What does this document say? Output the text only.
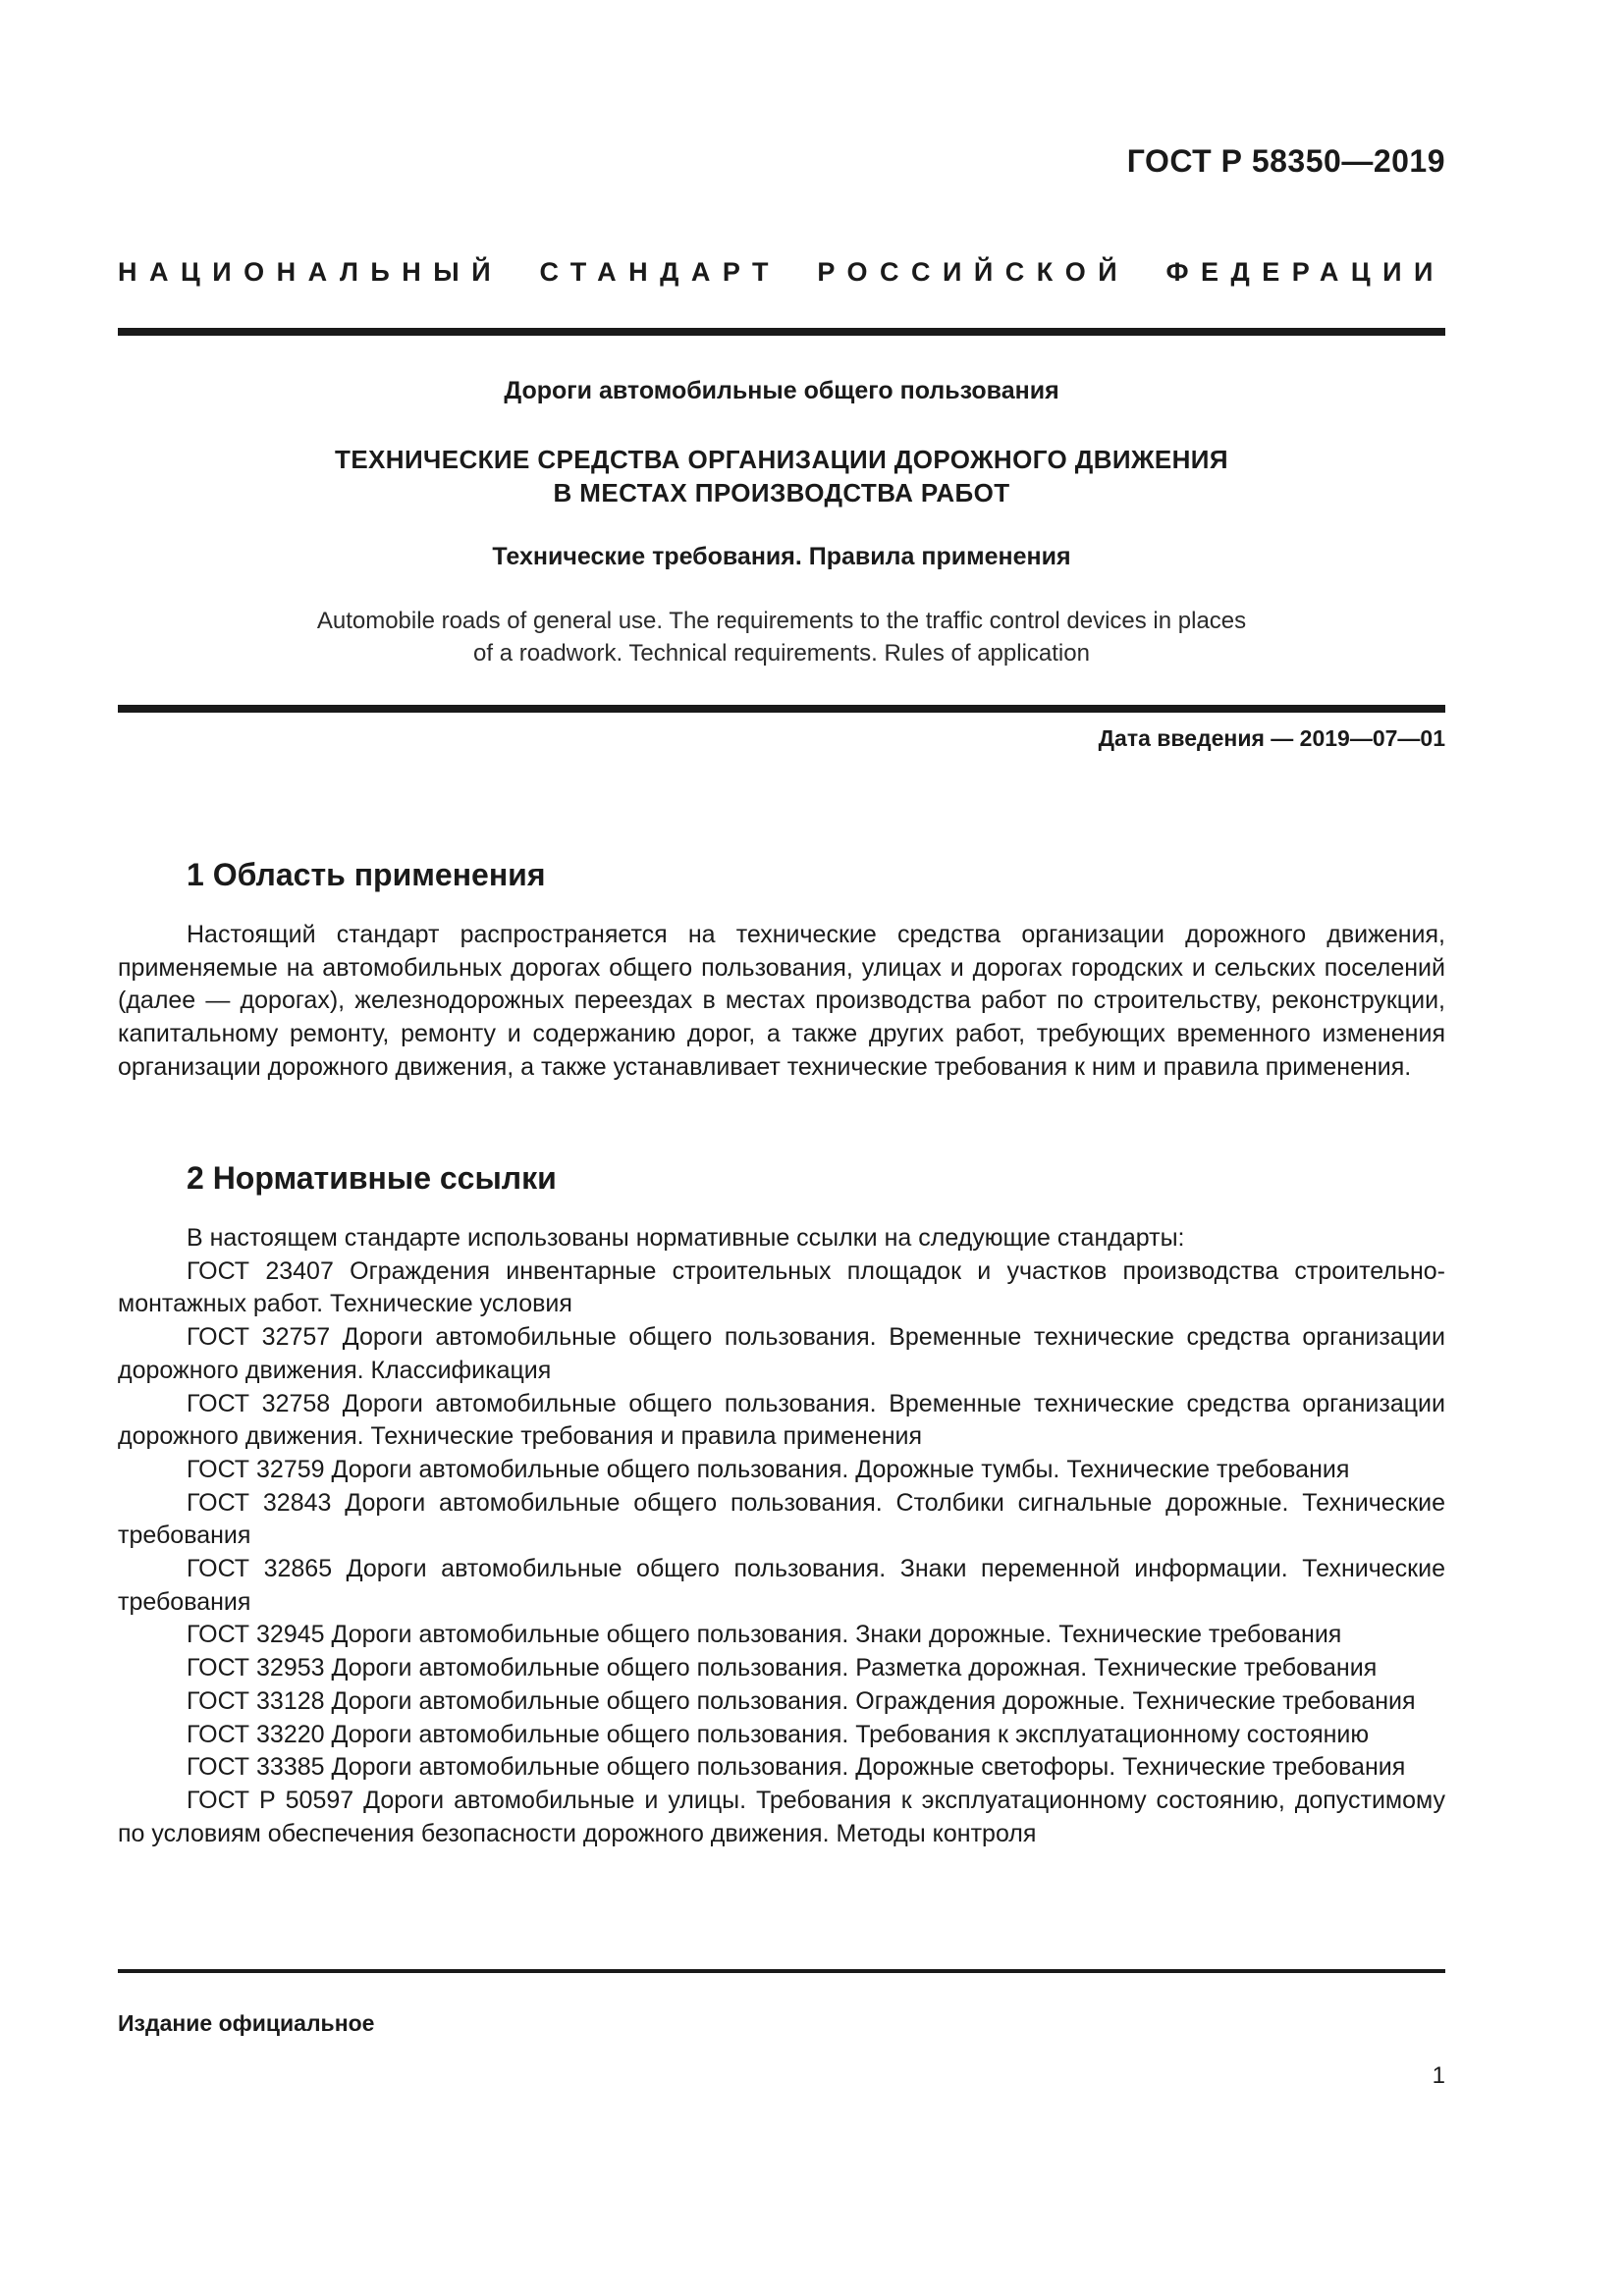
ГОСТ Р 58350—2019
НАЦИОНАЛЬНЫЙ СТАНДАРТ РОССИЙСКОЙ ФЕДЕРАЦИИ
Дороги автомобильные общего пользования
ТЕХНИЧЕСКИЕ СРЕДСТВА ОРГАНИЗАЦИИ ДОРОЖНОГО ДВИЖЕНИЯ
В МЕСТАХ ПРОИЗВОДСТВА РАБОТ
Технические требования. Правила применения
Automobile roads of general use. The requirements to the traffic control devices in places
of a roadwork. Technical requirements. Rules of application
Дата введения — 2019—07—01
1 Область применения

Настоящий стандарт распространяется на технические средства организации дорожного движения, применяемые на автомобильных дорогах общего пользования, улицах и дорогах городских и сельских поселений (далее — дорогах), железнодорожных переездах в местах производства работ по строительству, реконструкции, капитальному ремонту, ремонту и содержанию дорог, а также других работ, требующих временного изменения организации дорожного движения, а также устанавливает технические требования к ним и правила применения.

2 Нормативные ссылки

В настоящем стандарте использованы нормативные ссылки на следующие стандарты:

ГОСТ 23407 Ограждения инвентарные строительных площадок и участков производства строительно-монтажных работ. Технические условия

ГОСТ 32757 Дороги автомобильные общего пользования. Временные технические средства организации дорожного движения. Классификация

ГОСТ 32758 Дороги автомобильные общего пользования. Временные технические средства организации дорожного движения. Технические требования и правила применения

ГОСТ 32759 Дороги автомобильные общего пользования. Дорожные тумбы. Технические требования

ГОСТ 32843 Дороги автомобильные общего пользования. Столбики сигнальные дорожные. Технические требования

ГОСТ 32865 Дороги автомобильные общего пользования. Знаки переменной информации. Технические требования

ГОСТ 32945 Дороги автомобильные общего пользования. Знаки дорожные. Технические требования

ГОСТ 32953 Дороги автомобильные общего пользования. Разметка дорожная. Технические требования

ГОСТ 33128 Дороги автомобильные общего пользования. Ограждения дорожные. Технические требования

ГОСТ 33220 Дороги автомобильные общего пользования. Требования к эксплуатационному состоянию

ГОСТ 33385 Дороги автомобильные общего пользования. Дорожные светофоры. Технические требования

ГОСТ Р 50597 Дороги автомобильные и улицы. Требования к эксплуатационному состоянию, допустимому по условиям обеспечения безопасности дорожного движения. Методы контроля

Издание официальное
1
